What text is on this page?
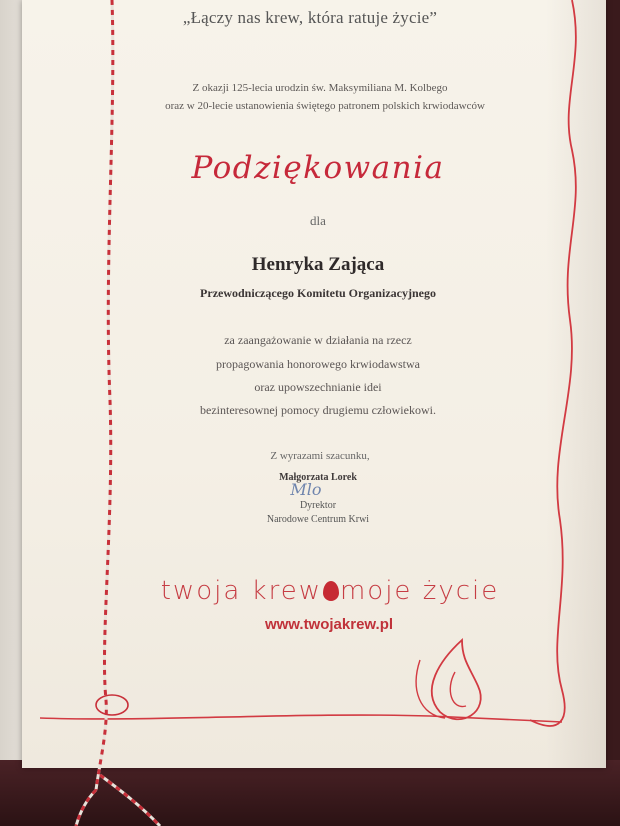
„Łączy nas krew, która ratuje życie”
Z okazji 125-lecia urodzin św. Maksymiliana M. Kolbego
oraz w 20-lecie ustanowienia świętego patronem polskich krwiodawców
Podziękowania
dla
Henryka Zająca
Przewodniczącego Komitetu Organizacyjnego
za zaangażowanie w działania na rzecz
propagowania honorowego krwiodawstwa
oraz upowszechnianie idei
bezinteresownej pomocy drugiemu człowiekowi.
Z wyrazami szacunku,
Małgorzata Lorek
Mlo
Dyrektor
Narodowe Centrum Krwi
twoja krew moje życie
www.twojakrew.pl
